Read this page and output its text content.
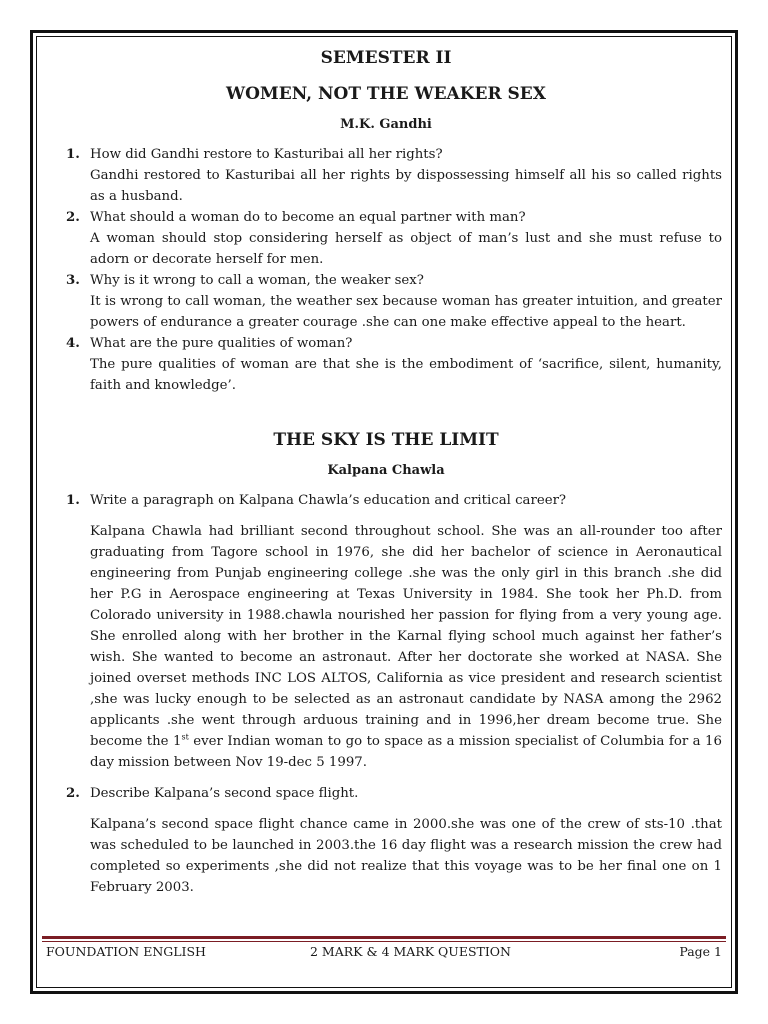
SEMESTER II
WOMEN, NOT THE WEAKER SEX
M.K. Gandhi
1. How did Gandhi restore to Kasturibai all her rights?
Gandhi restored to Kasturibai all her rights by dispossessing himself all his so called rights as a husband.
2. What should a woman do to become an equal partner with man?
A woman should stop considering herself as object of man’s lust and she must refuse to adorn or decorate herself for men.
3. Why is it wrong to call a woman, the weaker sex?
It is wrong to call woman, the weather sex because woman has greater intuition, and greater powers of endurance a greater courage .she can one make effective appeal to the heart.
4. What are the pure qualities of woman?
The pure qualities of woman are that she is the embodiment of ‘sacrifice, silent, humanity, faith and knowledge’.
THE SKY IS THE LIMIT
Kalpana Chawla
1. Write a paragraph on Kalpana Chawla’s education and critical career?
Kalpana Chawla had brilliant second throughout school. She was an all-rounder too after graduating from Tagore school in 1976, she did her bachelor of science in Aeronautical engineering from Punjab engineering college .she was the only girl in this branch .she did her P.G in Aerospace engineering at Texas University in 1984. She took her Ph.D. from Colorado university in 1988.chawla nourished her passion for flying from a very young age. She enrolled along with her brother in the Karnal flying school much against her father’s wish. She wanted to become an astronaut. After her doctorate she worked at NASA. She joined overset methods INC LOS ALTOS, California as vice president and research scientist ,she was lucky enough to be selected as an astronaut candidate by NASA among the 2962 applicants .she went through arduous training and in 1996,her dream become true. She become the 1st ever Indian woman to go to space as a mission specialist of Columbia for a 16 day mission between Nov 19-dec 5 1997.
2. Describe Kalpana’s second space flight.
Kalpana’s second space flight chance came in 2000.she was one of the crew of sts-10 .that was scheduled to be launched in 2003.the 16 day flight was a research mission the crew had completed so experiments ,she did not realize that this voyage was to be her final one on 1 February 2003.
FOUNDATION ENGLISH	2 MARK & 4 MARK QUESTION	Page 1
